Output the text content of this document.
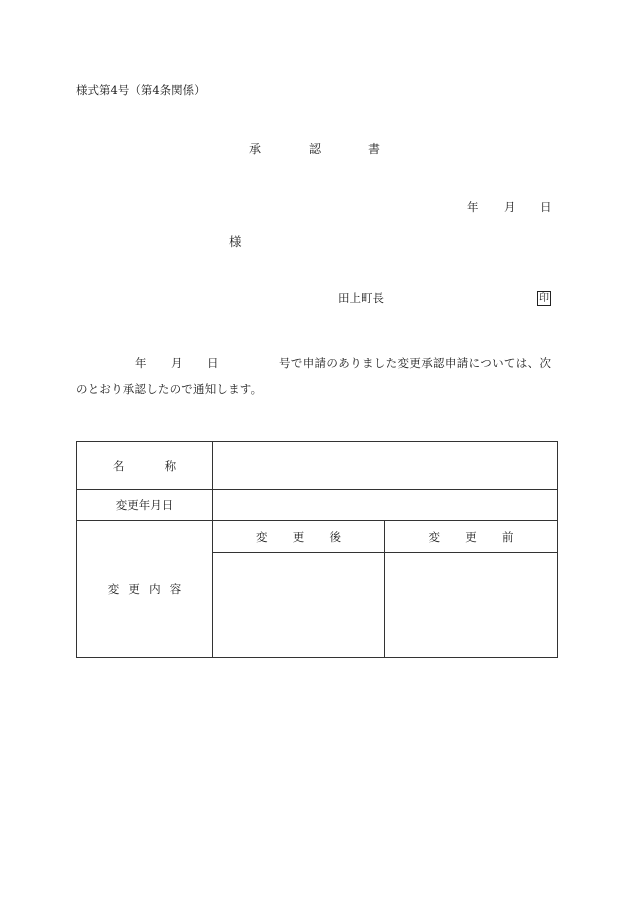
様式第4号（第4条関係）
承	認	書
年 月 日
様
田上町長	印
年 月 日	号で申請のありました変更承認申請については、次
のとおり承認したので通知します。
名称		
変更年月日		
変更内容	変更後	変更前
